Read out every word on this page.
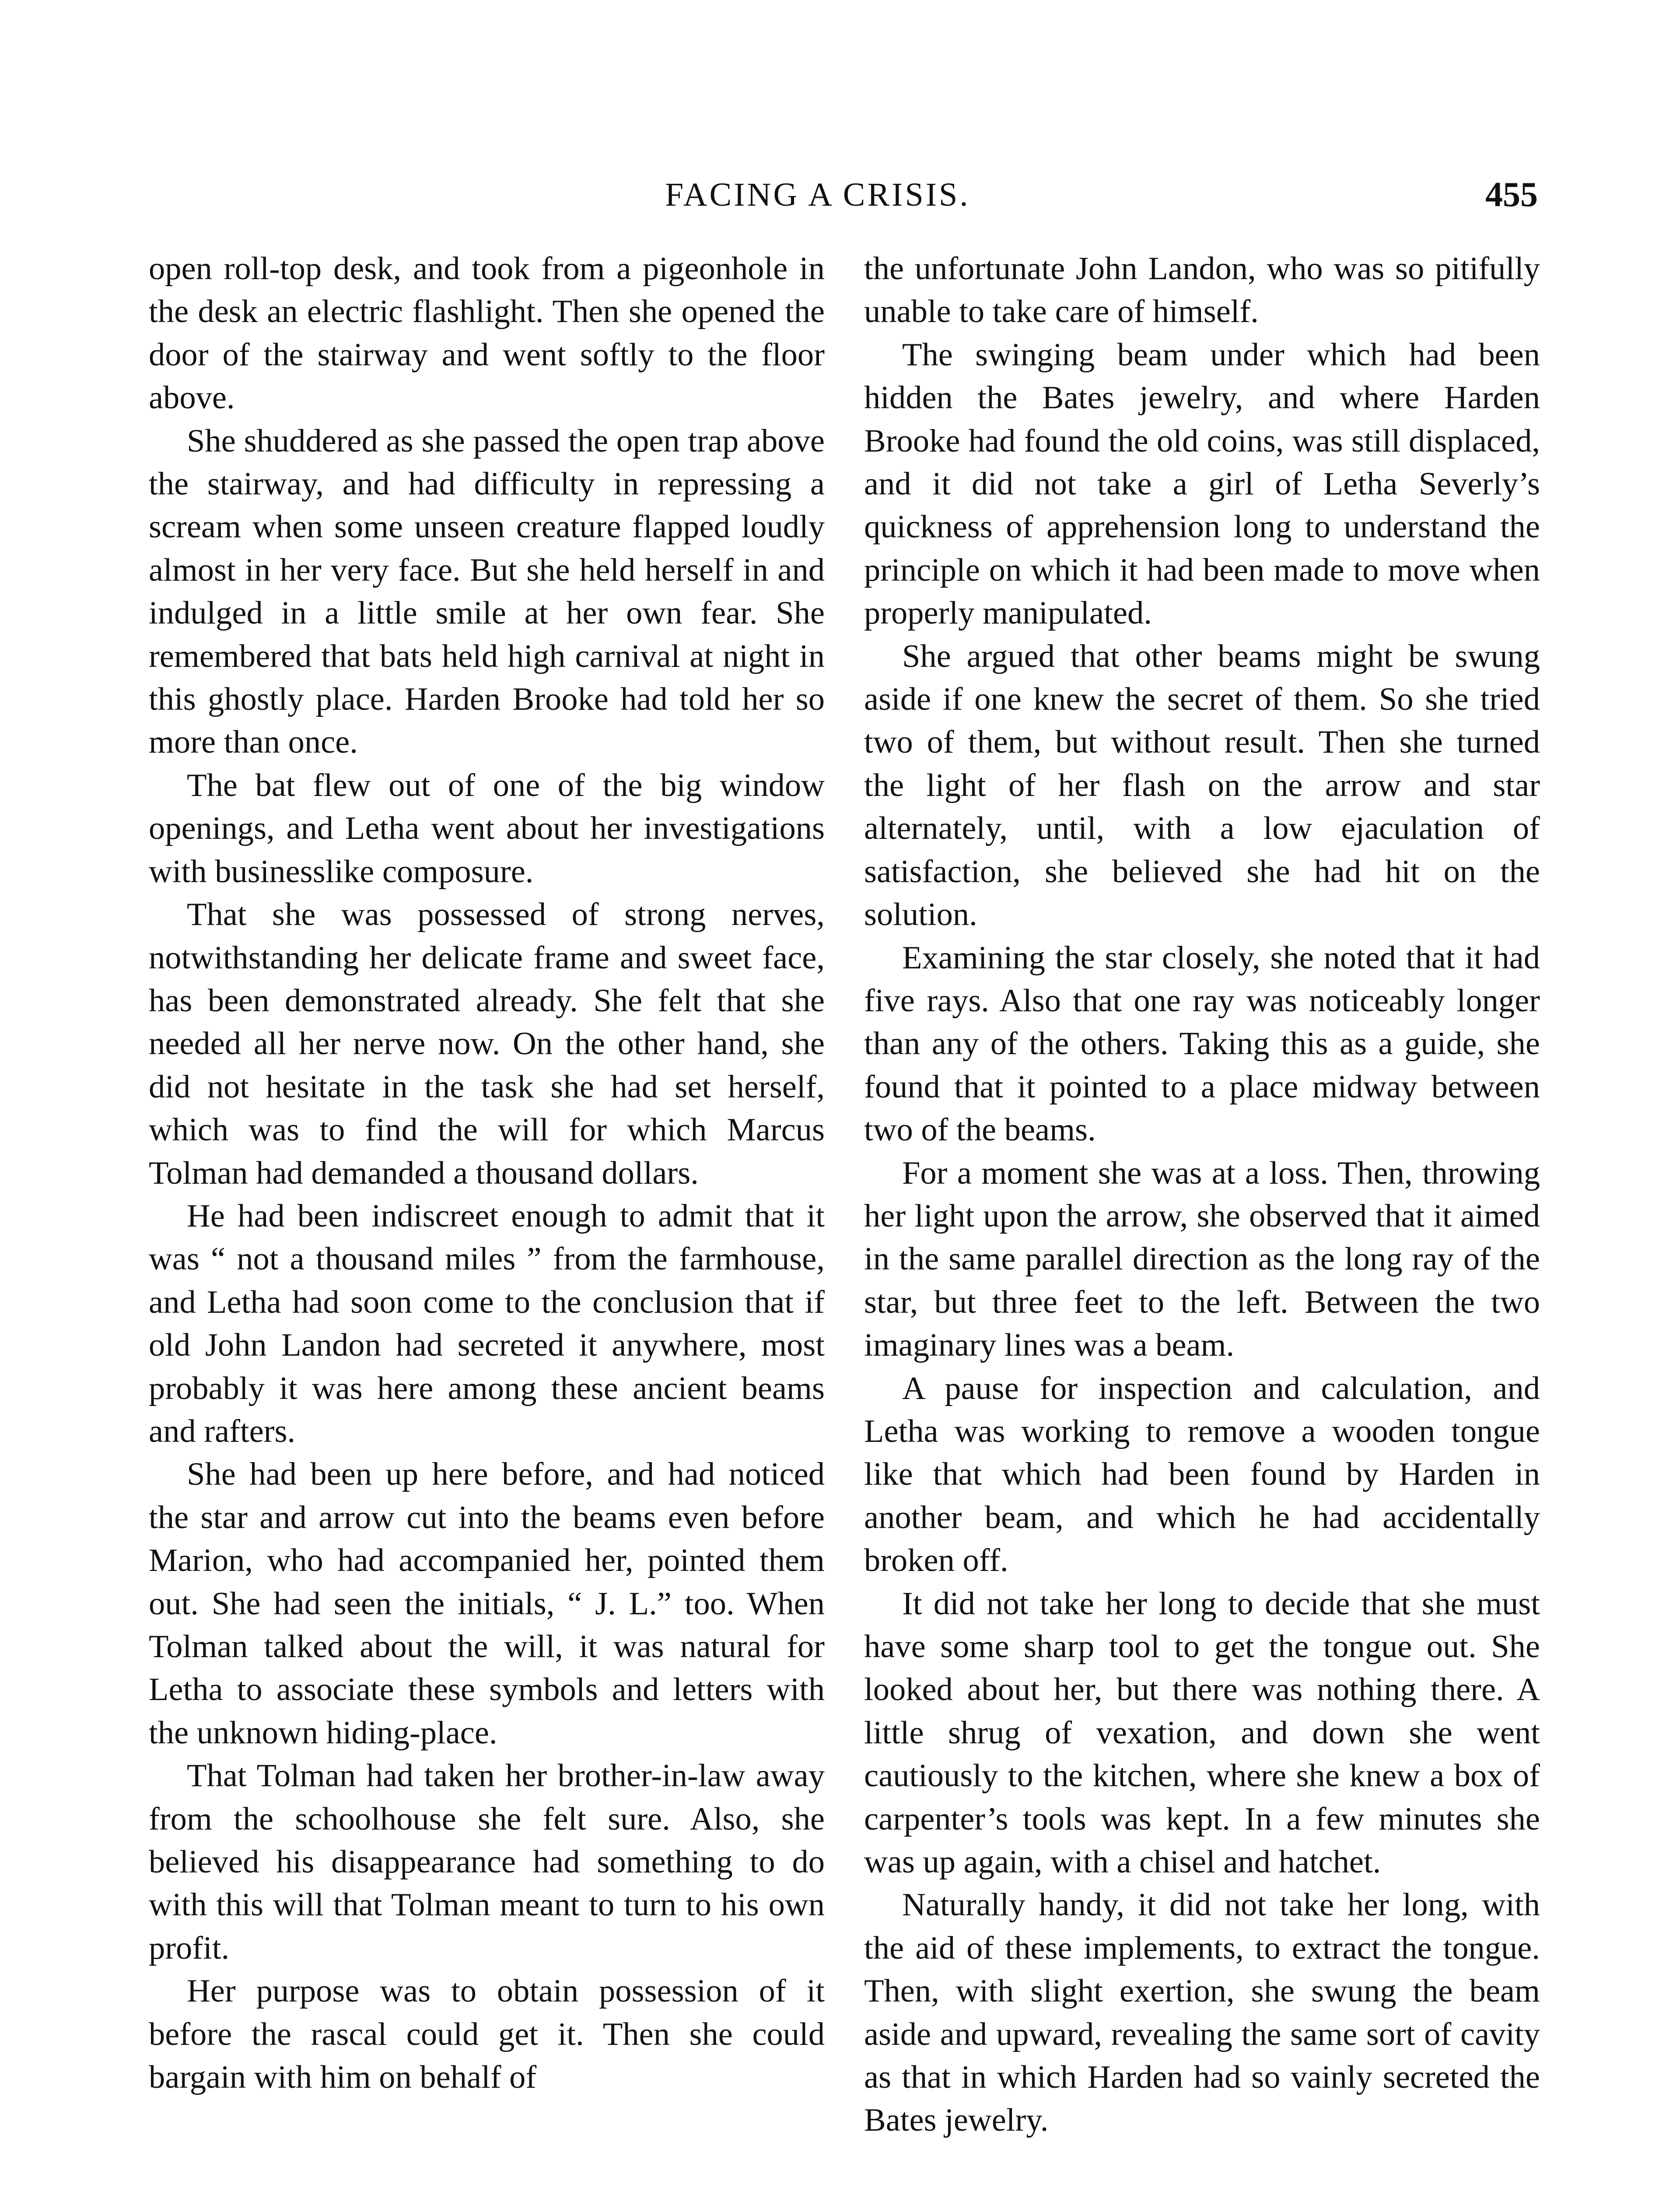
FACING A CRISIS.	455

open roll-top desk, and took from a pigeonhole in the desk an electric flashlight. Then she opened the door of the stairway and went softly to the floor above.

She shuddered as she passed the open trap above the stairway, and had difficulty in repressing a scream when some unseen creature flapped loudly almost in her very face. But she held herself in and indulged in a little smile at her own fear. She remembered that bats held high carnival at night in this ghostly place. Harden Brooke had told her so more than once.

The bat flew out of one of the big window openings, and Letha went about her investigations with businesslike composure.

That she was possessed of strong nerves, notwithstanding her delicate frame and sweet face, has been demonstrated already. She felt that she needed all her nerve now. On the other hand, she did not hesitate in the task she had set herself, which was to find the will for which Marcus Tolman had demanded a thousand dollars.

He had been indiscreet enough to admit that it was “ not a thousand miles ” from the farmhouse, and Letha had soon come to the conclusion that if old John Landon had secreted it anywhere, most probably it was here among these ancient beams and rafters.

She had been up here before, and had noticed the star and arrow cut into the beams even before Marion, who had accompanied her, pointed them out. She had seen the initials, “ J. L.” too. When Tolman talked about the will, it was natural for Letha to associate these symbols and letters with the unknown hiding-place.

That Tolman had taken her brother-in-law away from the schoolhouse she felt sure. Also, she believed his disappearance had something to do with this will that Tolman meant to turn to his own profit.

Her purpose was to obtain possession of it before the rascal could get it. Then she could bargain with him on behalf of

the unfortunate John Landon, who was so pitifully unable to take care of himself.

The swinging beam under which had been hidden the Bates jewelry, and where Harden Brooke had found the old coins, was still displaced, and it did not take a girl of Letha Severly’s quickness of apprehension long to understand the principle on which it had been made to move when properly manipulated.

She argued that other beams might be swung aside if one knew the secret of them. So she tried two of them, but without result. Then she turned the light of her flash on the arrow and star alternately, until, with a low ejaculation of satisfaction, she believed she had hit on the solution.

Examining the star closely, she noted that it had five rays. Also that one ray was noticeably longer than any of the others. Taking this as a guide, she found that it pointed to a place midway between two of the beams.

For a moment she was at a loss. Then, throwing her light upon the arrow, she observed that it aimed in the same parallel direction as the long ray of the star, but three feet to the left. Between the two imaginary lines was a beam.

A pause for inspection and calculation, and Letha was working to remove a wooden tongue like that which had been found by Harden in another beam, and which he had accidentally broken off.

It did not take her long to decide that she must have some sharp tool to get the tongue out. She looked about her, but there was nothing there. A little shrug of vexation, and down she went cautiously to the kitchen, where she knew a box of carpenter’s tools was kept. In a few minutes she was up again, with a chisel and hatchet.

Naturally handy, it did not take her long, with the aid of these implements, to extract the tongue. Then, with slight exertion, she swung the beam aside and upward, revealing the same sort of cavity as that in which Harden had so vainly secreted the Bates jewelry.
